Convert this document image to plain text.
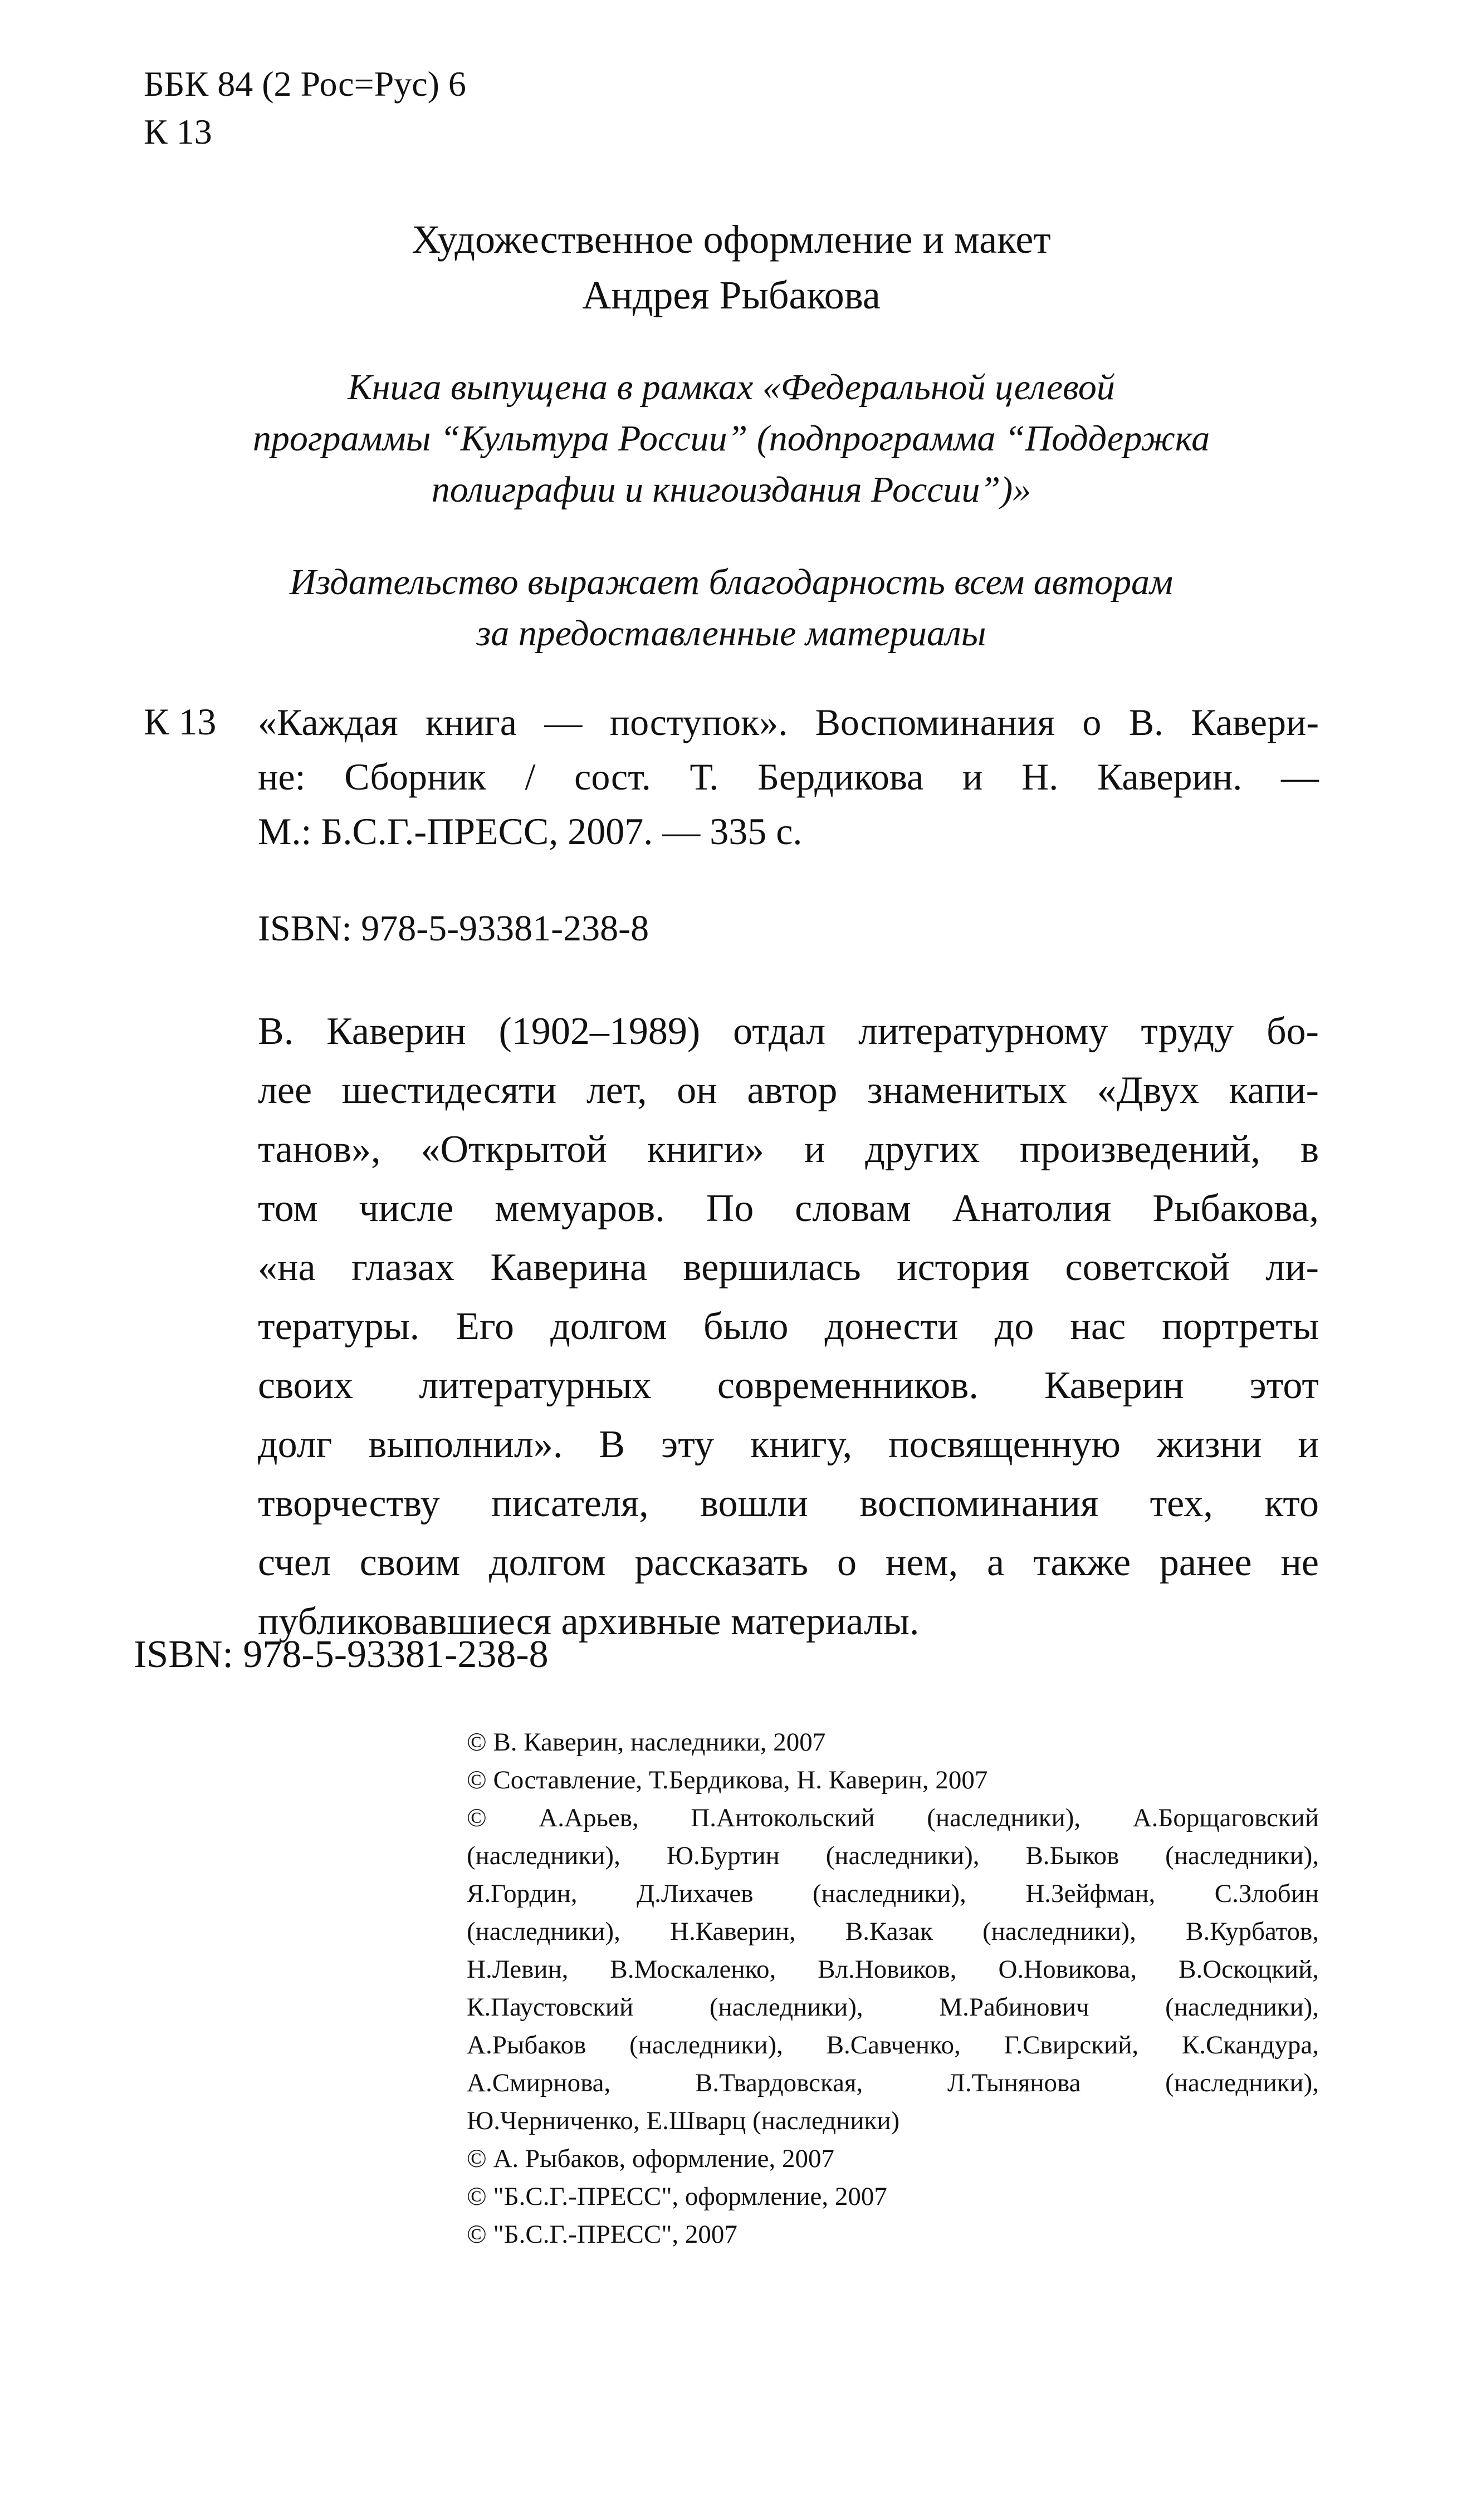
ББК 84 (2 Рос=Рус) 6
К 13
Художественное оформление и макет
Андрея Рыбакова
Книга выпущена в рамках «Федеральной целевой
программы “Культура России” (подпрограмма “Поддержка
полиграфии и книгоиздания России”)»
Издательство выражает благодарность всем авторам
за предоставленные материалы
К 13 «Каждая книга — поступок». Воспоминания о В. Кавери-
не: Сборник / сост. Т. Бердикова и Н. Каверин. —
М.: Б.С.Г.-ПРЕСС, 2007. — 335 с.
ISBN: 978-5-93381-238-8
В. Каверин (1902–1989) отдал литературному труду бо-
лее шестидесяти лет, он автор знаменитых «Двух капи-
танов», «Открытой книги» и других произведений, в
том числе мемуаров. По словам Анатолия Рыбакова,
«на глазах Каверина вершилась история советской ли-
тературы. Его долгом было донести до нас портреты
своих литературных современников. Каверин этот
долг выполнил». В эту книгу, посвященную жизни и
творчеству писателя, вошли воспоминания тех, кто
счел своим долгом рассказать о нем, а также ранее не
публиковавшиеся архивные материалы.
ISBN: 978-5-93381-238-8
© В. Каверин, наследники, 2007
© Составление, Т.Бердикова, Н. Каверин, 2007
© А.Арьев, П.Антокольский (наследники), А.Борщаговский
(наследники), Ю.Буртин (наследники), В.Быков (наследники),
Я.Гордин, Д.Лихачев (наследники), Н.Зейфман, С.Злобин
(наследники), Н.Каверин, В.Казак (наследники), В.Курбатов,
Н.Левин, В.Москаленко, Вл.Новиков, О.Новикова, В.Оскоцкий,
К.Паустовский (наследники), М.Рабинович (наследники),
А.Рыбаков (наследники), В.Савченко, Г.Свирский, К.Скандура,
А.Смирнова, В.Твардовская, Л.Тынянова (наследники),
Ю.Черниченко, Е.Шварц (наследники)
© А. Рыбаков, оформление, 2007
© "Б.С.Г.-ПРЕСС", оформление, 2007
© "Б.С.Г.-ПРЕСС", 2007
